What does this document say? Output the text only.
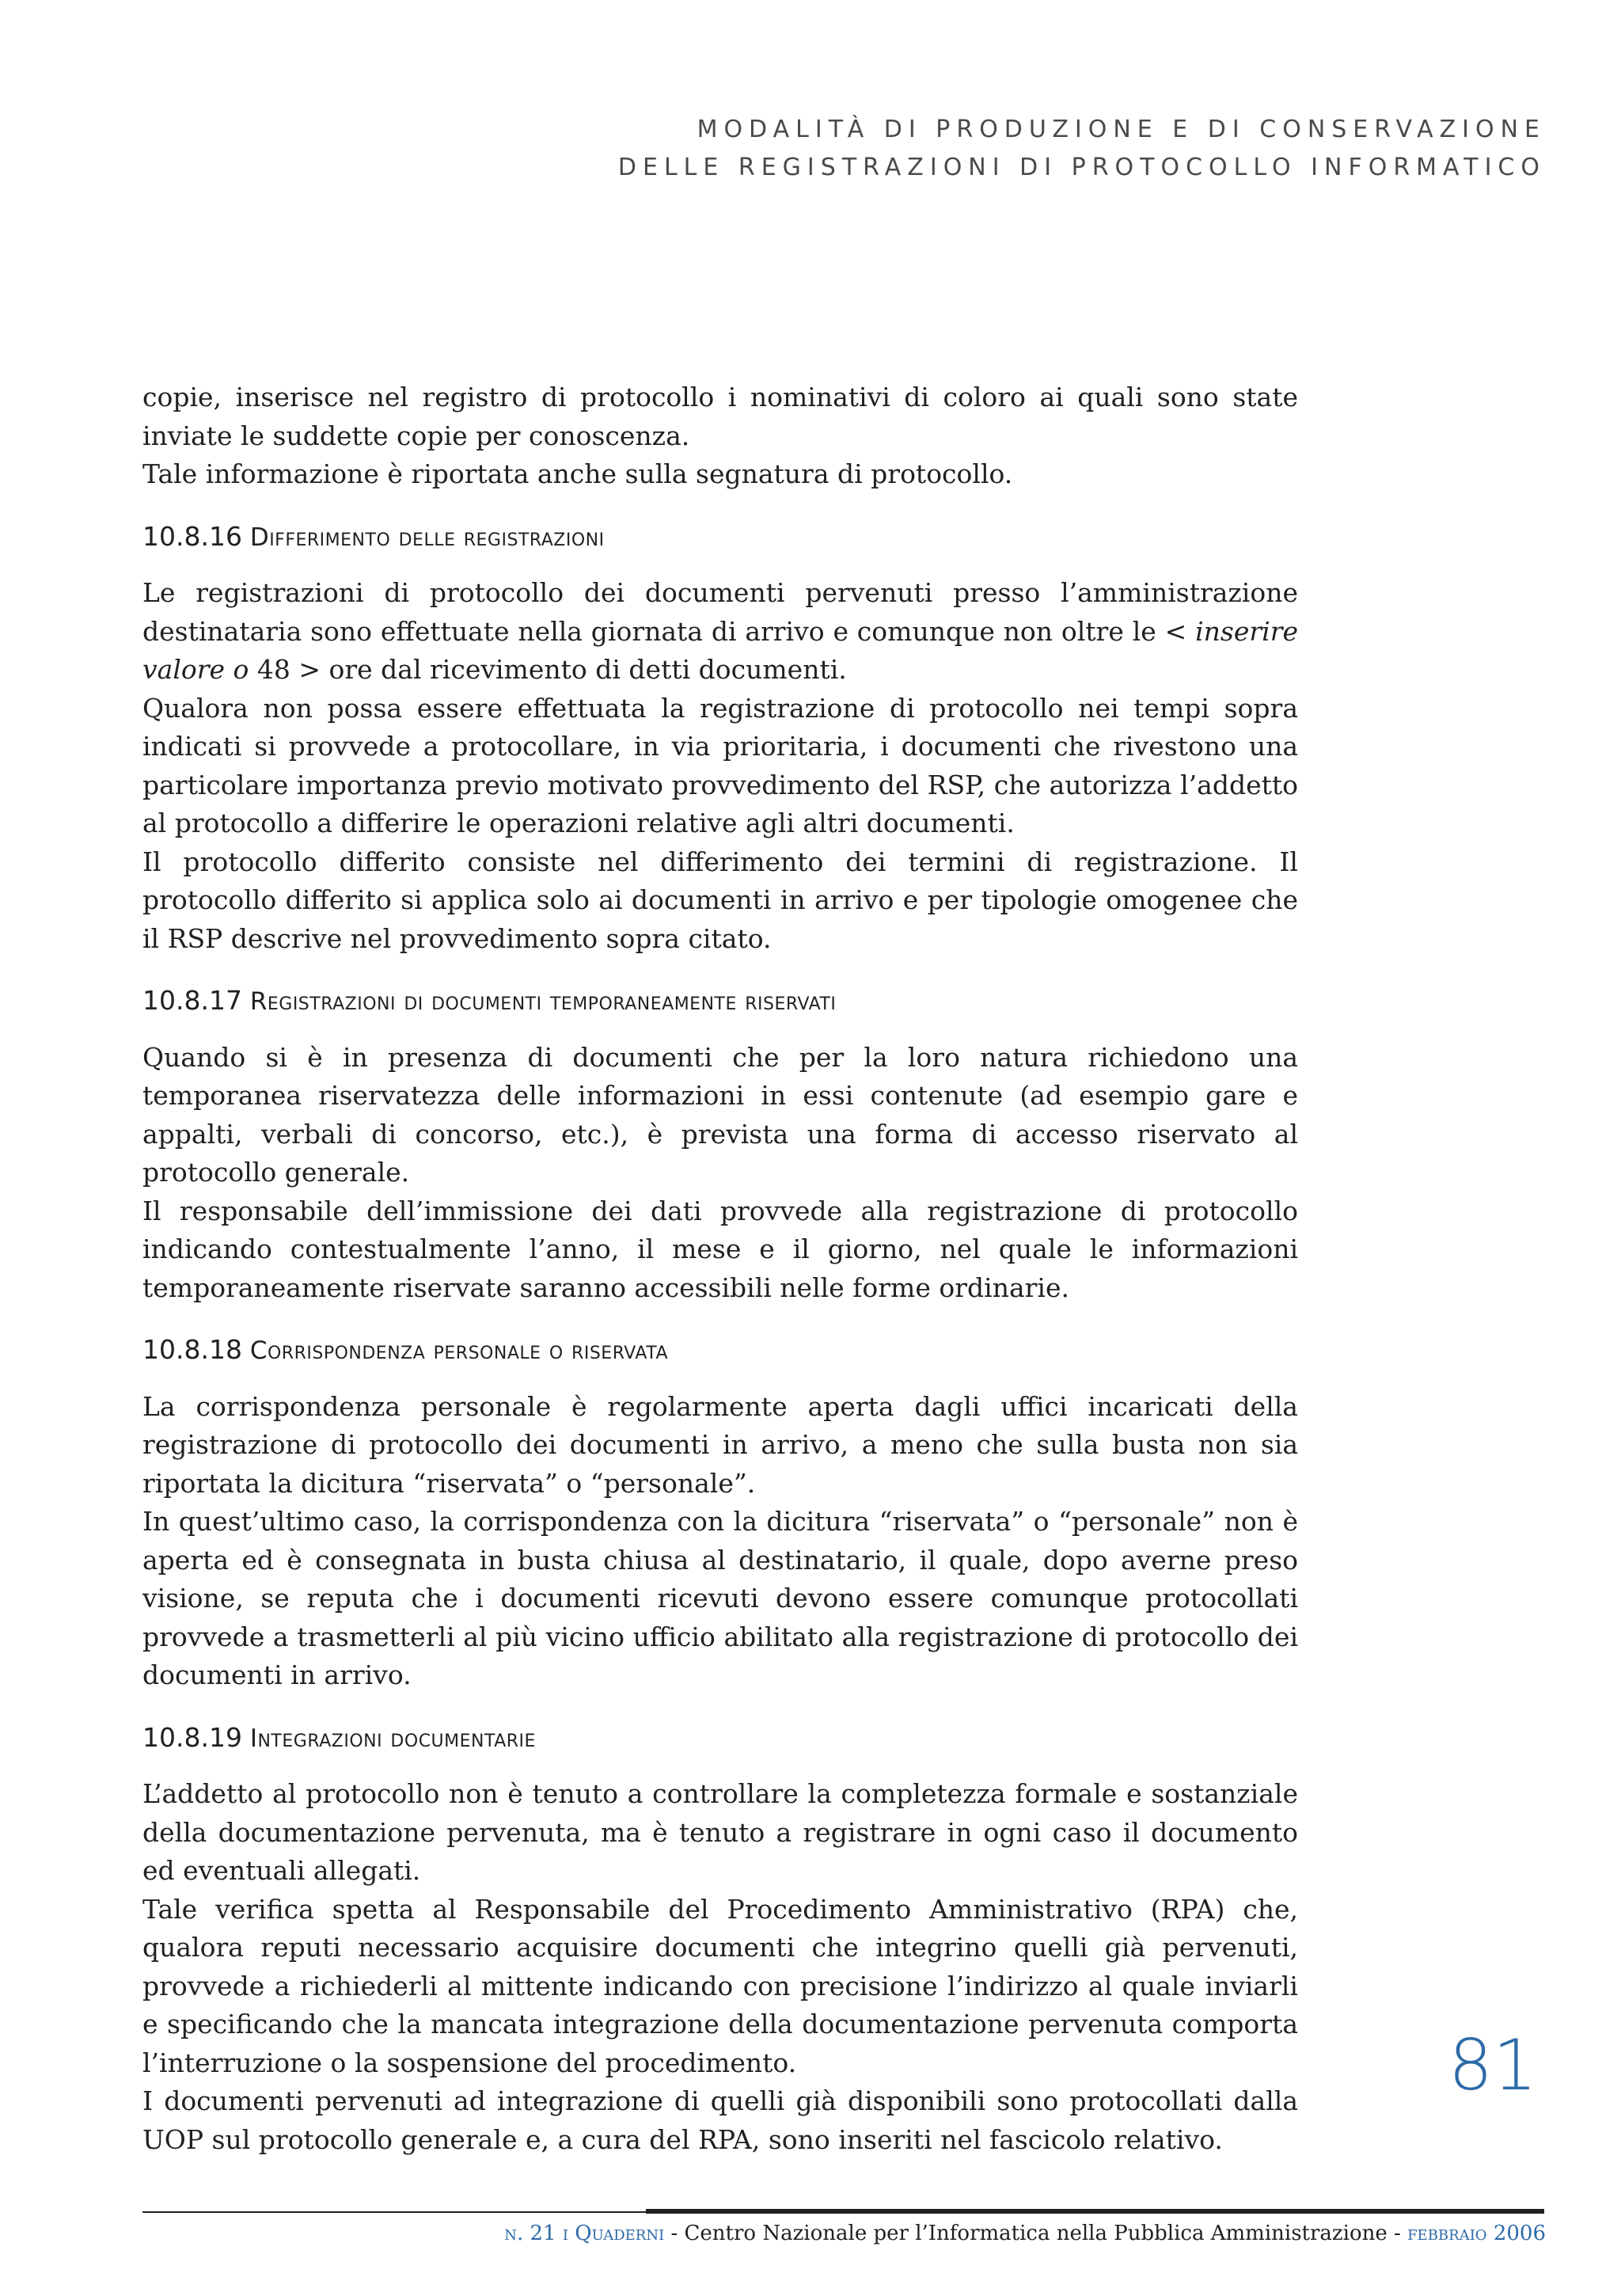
MODALITÀ DI PRODUZIONE E DI CONSERVAZIONE
DELLE REGISTRAZIONI DI PROTOCOLLO INFORMATICO

copie, inserisce nel registro di protocollo i nominativi di coloro ai quali sono state inviate le suddette copie per conoscenza.

Tale informazione è riportata anche sulla segnatura di protocollo.

10.8.16 Differimento delle registrazioni

Le registrazioni di protocollo dei documenti pervenuti presso l’amministrazione destinataria sono effettuate nella giornata di arrivo e comunque non oltre le < inserire valore o 48 > ore dal ricevimento di detti documenti.

Qualora non possa essere effettuata la registrazione di protocollo nei tempi sopra indicati si provvede a protocollare, in via prioritaria, i documenti che rivestono una particolare importanza previo motivato provvedimento del RSP, che autorizza l’addetto al protocollo a differire le operazioni relative agli altri documenti.

Il protocollo differito consiste nel differimento dei termini di registrazione. Il protocollo differito si applica solo ai documenti in arrivo e per tipologie omogenee che il RSP descrive nel provvedimento sopra citato.

10.8.17 Registrazioni di documenti temporaneamente riservati

Quando si è in presenza di documenti che per la loro natura richiedono una temporanea riservatezza delle informazioni in essi contenute (ad esempio gare e appalti, verbali di concorso, etc.), è prevista una forma di accesso riservato al protocollo generale.

Il responsabile dell’immissione dei dati provvede alla registrazione di protocollo indicando contestualmente l’anno, il mese e il giorno, nel quale le informazioni temporaneamente riservate saranno accessibili nelle forme ordinarie.

10.8.18 Corrispondenza personale o riservata

La corrispondenza personale è regolarmente aperta dagli uffici incaricati della registrazione di protocollo dei documenti in arrivo, a meno che sulla busta non sia riportata la dicitura “riservata” o “personale”.

In quest’ultimo caso, la corrispondenza con la dicitura “riservata” o “personale” non è aperta ed è consegnata in busta chiusa al destinatario, il quale, dopo averne preso visione, se reputa che i documenti ricevuti devono essere comunque protocollati provvede a trasmetterli al più vicino ufficio abilitato alla registrazione di protocollo dei documenti in arrivo.

10.8.19 Integrazioni documentarie

L’addetto al protocollo non è tenuto a controllare la completezza formale e sostanziale della documentazione pervenuta, ma è tenuto a registrare in ogni caso il documento ed eventuali allegati.

Tale verifica spetta al Responsabile del Procedimento Amministrativo (RPA) che, qualora reputi necessario acquisire documenti che integrino quelli già pervenuti, provvede a richiederli al mittente indicando con precisione l’indirizzo al quale inviarli e specificando che la mancata integrazione della documentazione pervenuta comporta l’interruzione o la sospensione del procedimento.

I documenti pervenuti ad integrazione di quelli già disponibili sono protocollati dalla UOP sul protocollo generale e, a cura del RPA, sono inseriti nel fascicolo relativo.

81
n. 21 i Quaderni - Centro Nazionale per l’Informatica nella Pubblica Amministrazione - febbraio 2006
